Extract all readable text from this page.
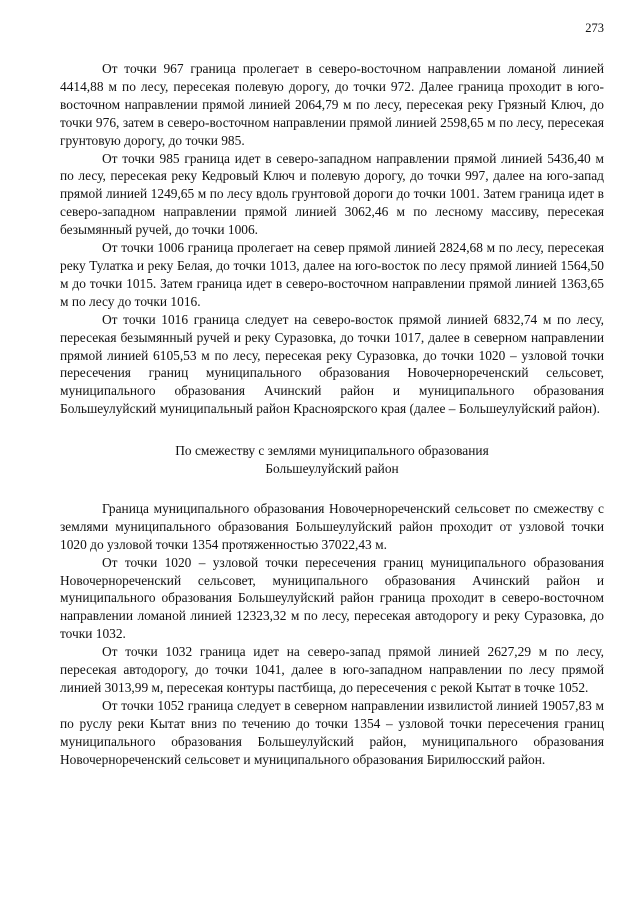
273

От точки 967 граница пролегает в северо-восточном направлении ломаной линией 4414,88 м по лесу, пересекая полевую дорогу, до точки 972. Далее граница проходит в юго-восточном направлении прямой линией 2064,79 м по лесу, пересекая реку Грязный Ключ, до точки 976, затем в северо-восточном направлении прямой линией 2598,65 м по лесу, пересекая грунтовую дорогу, до точки 985.

От точки 985 граница идет в северо-западном направлении прямой линией 5436,40 м по лесу, пересекая реку Кедровый Ключ и полевую дорогу, до точки 997, далее на юго-запад прямой линией 1249,65 м по лесу вдоль грунтовой дороги до точки 1001. Затем граница идет в северо-западном направлении прямой линией 3062,46 м по лесному массиву, пересекая безымянный ручей, до точки 1006.

От точки 1006 граница пролегает на север прямой линией 2824,68 м по лесу, пересекая реку Тулатка и реку Белая, до точки 1013, далее на юго-восток по лесу прямой линией 1564,50 м до точки 1015. Затем граница идет в северо-восточном направлении прямой линией 1363,65 м по лесу до точки 1016.

От точки 1016 граница следует на северо-восток прямой линией 6832,74 м по лесу, пересекая безымянный ручей и реку Суразовка, до точки 1017, далее в северном направлении прямой линией 6105,53 м по лесу, пересекая реку Суразовка, до точки 1020 – узловой точки пересечения границ муниципального образования Новочернореченский сельсовет, муниципального образования Ачинский район и муниципального образования Большеулуйский муниципальный район Красноярского края (далее – Большеулуйский район).

По смежеству с землями муниципального образования
Большеулуйский район

Граница муниципального образования Новочернореченский сельсовет по смежеству с землями муниципального образования Большеулуйский район проходит от узловой точки 1020 до узловой точки 1354 протяженностью 37022,43 м.

От точки 1020 – узловой точки пересечения границ муниципального образования Новочернореченский сельсовет, муниципального образования Ачинский район и муниципального образования Большеулуйский район граница проходит в северо-восточном направлении ломаной линией 12323,32 м по лесу, пересекая автодорогу и реку Суразовка, до точки 1032.

От точки 1032 граница идет на северо-запад прямой линией 2627,29 м по лесу, пересекая автодорогу, до точки 1041, далее в юго-западном направлении по лесу прямой линией 3013,99 м, пересекая контуры пастбища, до пересечения с рекой Кытат в точке 1052.

От точки 1052 граница следует в северном направлении извилистой линией 19057,83 м по руслу реки Кытат вниз по течению до точки 1354 – узловой точки пересечения границ муниципального образования Большеулуйский район, муниципального образования Новочернореченский сельсовет и муниципального образования Бирилюсский район.
